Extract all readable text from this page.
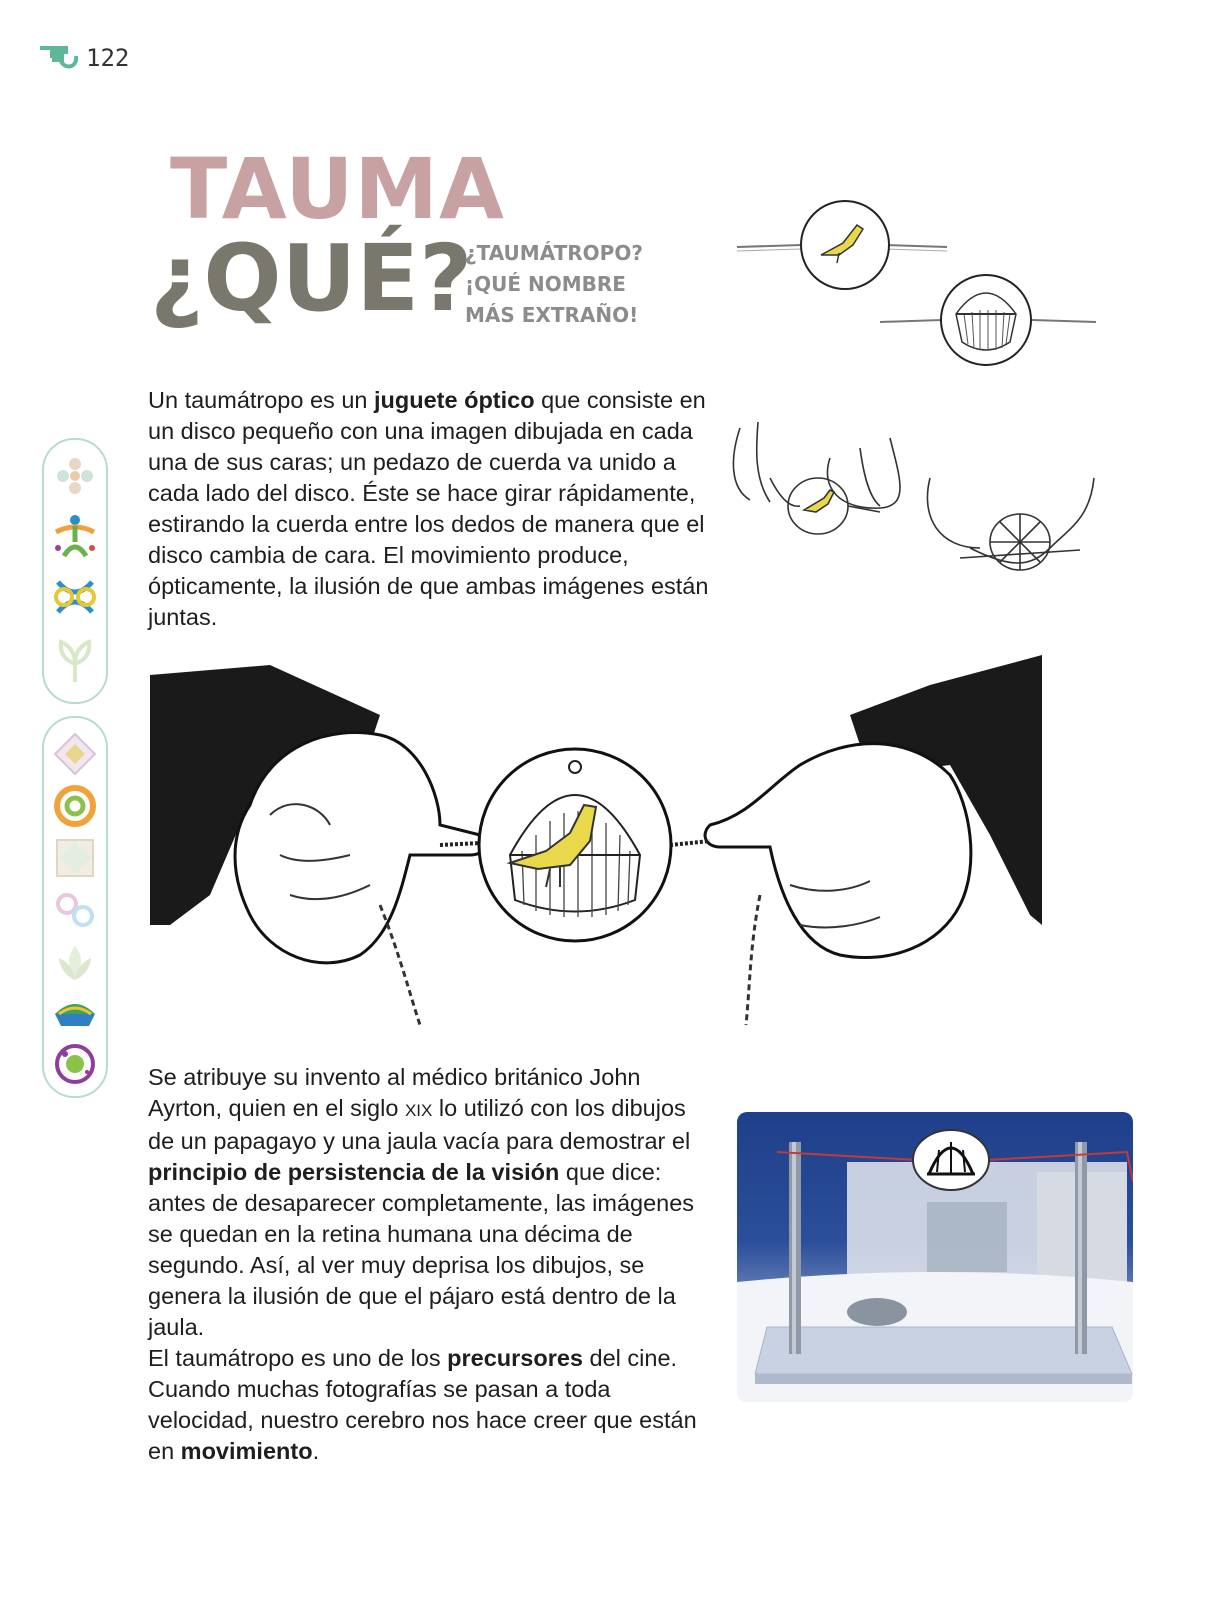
122
TAUMA
¿QUÉ?
¿TAUMÁTROPO?
¡QUÉ NOMBRE
MÁS EXTRAÑO!
Un taumátropo es un juguete óptico que consiste en un disco pequeño con una imagen dibujada en cada una de sus caras; un pedazo de cuerda va unido a cada lado del disco. Éste se hace girar rápidamente, estirando la cuerda entre los dedos de manera que el disco cambia de cara. El movimiento produce, ópticamente, la ilusión de que ambas imágenes están juntas.
Se atribuye su invento al médico británico John Ayrton, quien en el siglo XIX lo utilizó con los dibujos de un papagayo y una jaula vacía para demostrar el principio de persistencia de la visión que dice: antes de desaparecer completamente, las imágenes se quedan en la retina humana una décima de segundo. Así, al ver muy deprisa los dibujos, se genera la ilusión de que el pájaro está dentro de la jaula.
El taumátropo es uno de los precursores del cine. Cuando muchas fotografías se pasan a toda velocidad, nuestro cerebro nos hace creer que están en movimiento.
